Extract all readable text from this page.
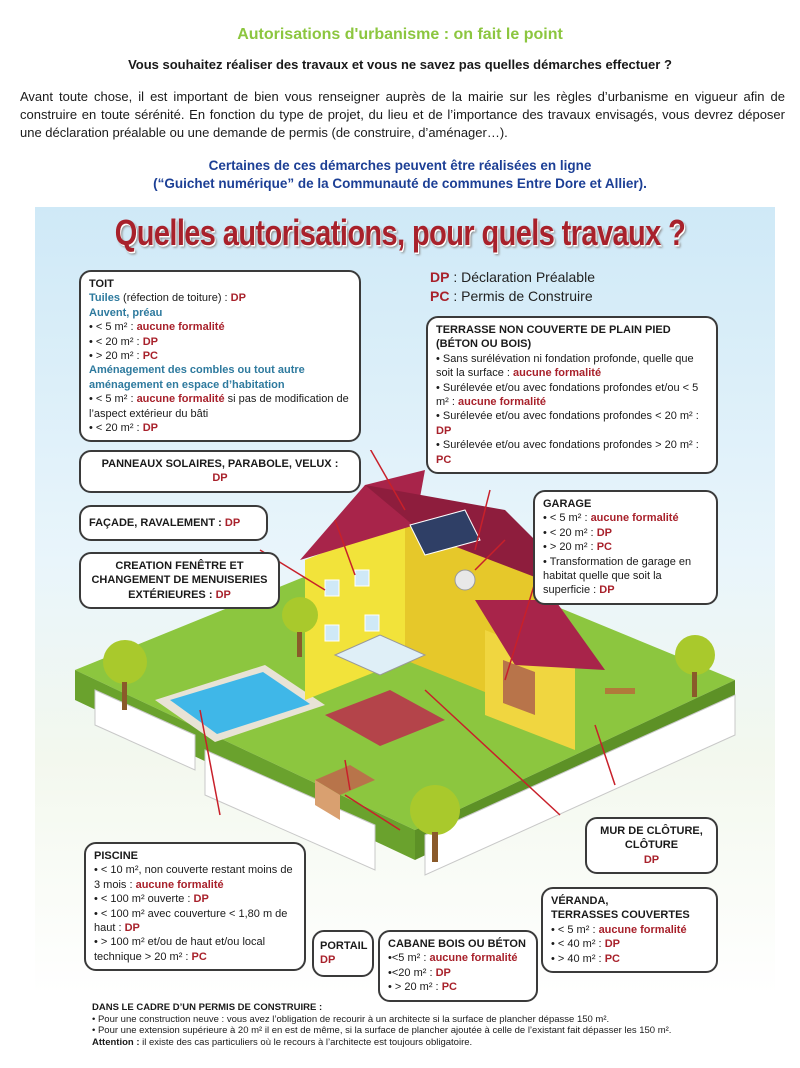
Autorisations d'urbanisme : on fait le point
Vous souhaitez réaliser des travaux et vous ne savez pas quelles démarches effectuer ?
Avant toute chose, il est important de bien vous renseigner auprès de la mairie sur les règles d’urbanisme en vigueur afin de construire en toute sérénité. En fonction du type de projet, du lieu et de l’importance des travaux envisagés, vous devrez déposer une déclaration préalable ou une demande de permis (de construire, d’aménager…).
Certaines de ces démarches peuvent être réalisées en ligne
(“Guichet numérique” de la Communauté de communes Entre Dore et Allier).
Quelles autorisations, pour quels travaux ?
DP : Déclaration Préalable
PC : Permis de Construire
TOIT
Tuiles (réfection de toiture) : DP
Auvent, préau
• < 5 m² : aucune formalité
• < 20 m² : DP
• > 20 m² : PC
Aménagement des combles ou tout autre aménagement en espace d’habitation
• < 5 m² : aucune formalité si pas de modification de l’aspect extérieur du bâti
• < 20 m² : DP
TERRASSE NON COUVERTE DE PLAIN PIED (BÉTON OU BOIS)
• Sans surélévation ni fondation profonde, quelle que soit la surface : aucune formalité
• Surélevée et/ou avec fondations profondes et/ou < 5 m² : aucune formalité
• Surélevée et/ou avec fondations profondes < 20 m² : DP
• Surélevée et/ou avec fondations profondes > 20 m² : PC
PANNEAUX SOLAIRES, PARABOLE, VELUX :
DP
FAÇADE, RAVALEMENT : DP
CREATION FENÊTRE ET
CHANGEMENT DE MENUISERIES
EXTÉRIEURES : DP
GARAGE
• < 5 m² : aucune formalité
• < 20 m² : DP
• > 20 m² : PC
• Transformation de garage en habitat quelle que soit la superficie : DP
MUR DE CLÔTURE,
CLÔTURE
DP
PISCINE
• < 10 m², non couverte restant moins de 3 mois : aucune formalité
• < 100 m² ouverte : DP
• < 100 m² avec couverture < 1,80 m de haut : DP
• > 100 m² et/ou de haut et/ou local technique > 20 m² : PC
PORTAIL
DP
CABANE BOIS OU BÉTON
•<5 m² : aucune formalité
•<20 m² : DP
• > 20 m² : PC
VÉRANDA,
TERRASSES COUVERTES
• < 5 m² : aucune formalité
• < 40 m² : DP
• > 40 m² : PC
DANS LE CADRE D’UN PERMIS DE CONSTRUIRE :
• Pour une construction neuve : vous avez l’obligation de recourir à un architecte si la surface de plancher dépasse 150 m².
• Pour une extension supérieure à 20 m² il en est de même, si la surface de plancher ajoutée à celle de l’existant fait dépasser les 150 m².
Attention : il existe des cas particuliers où le recours à l’architecte est toujours obligatoire.
